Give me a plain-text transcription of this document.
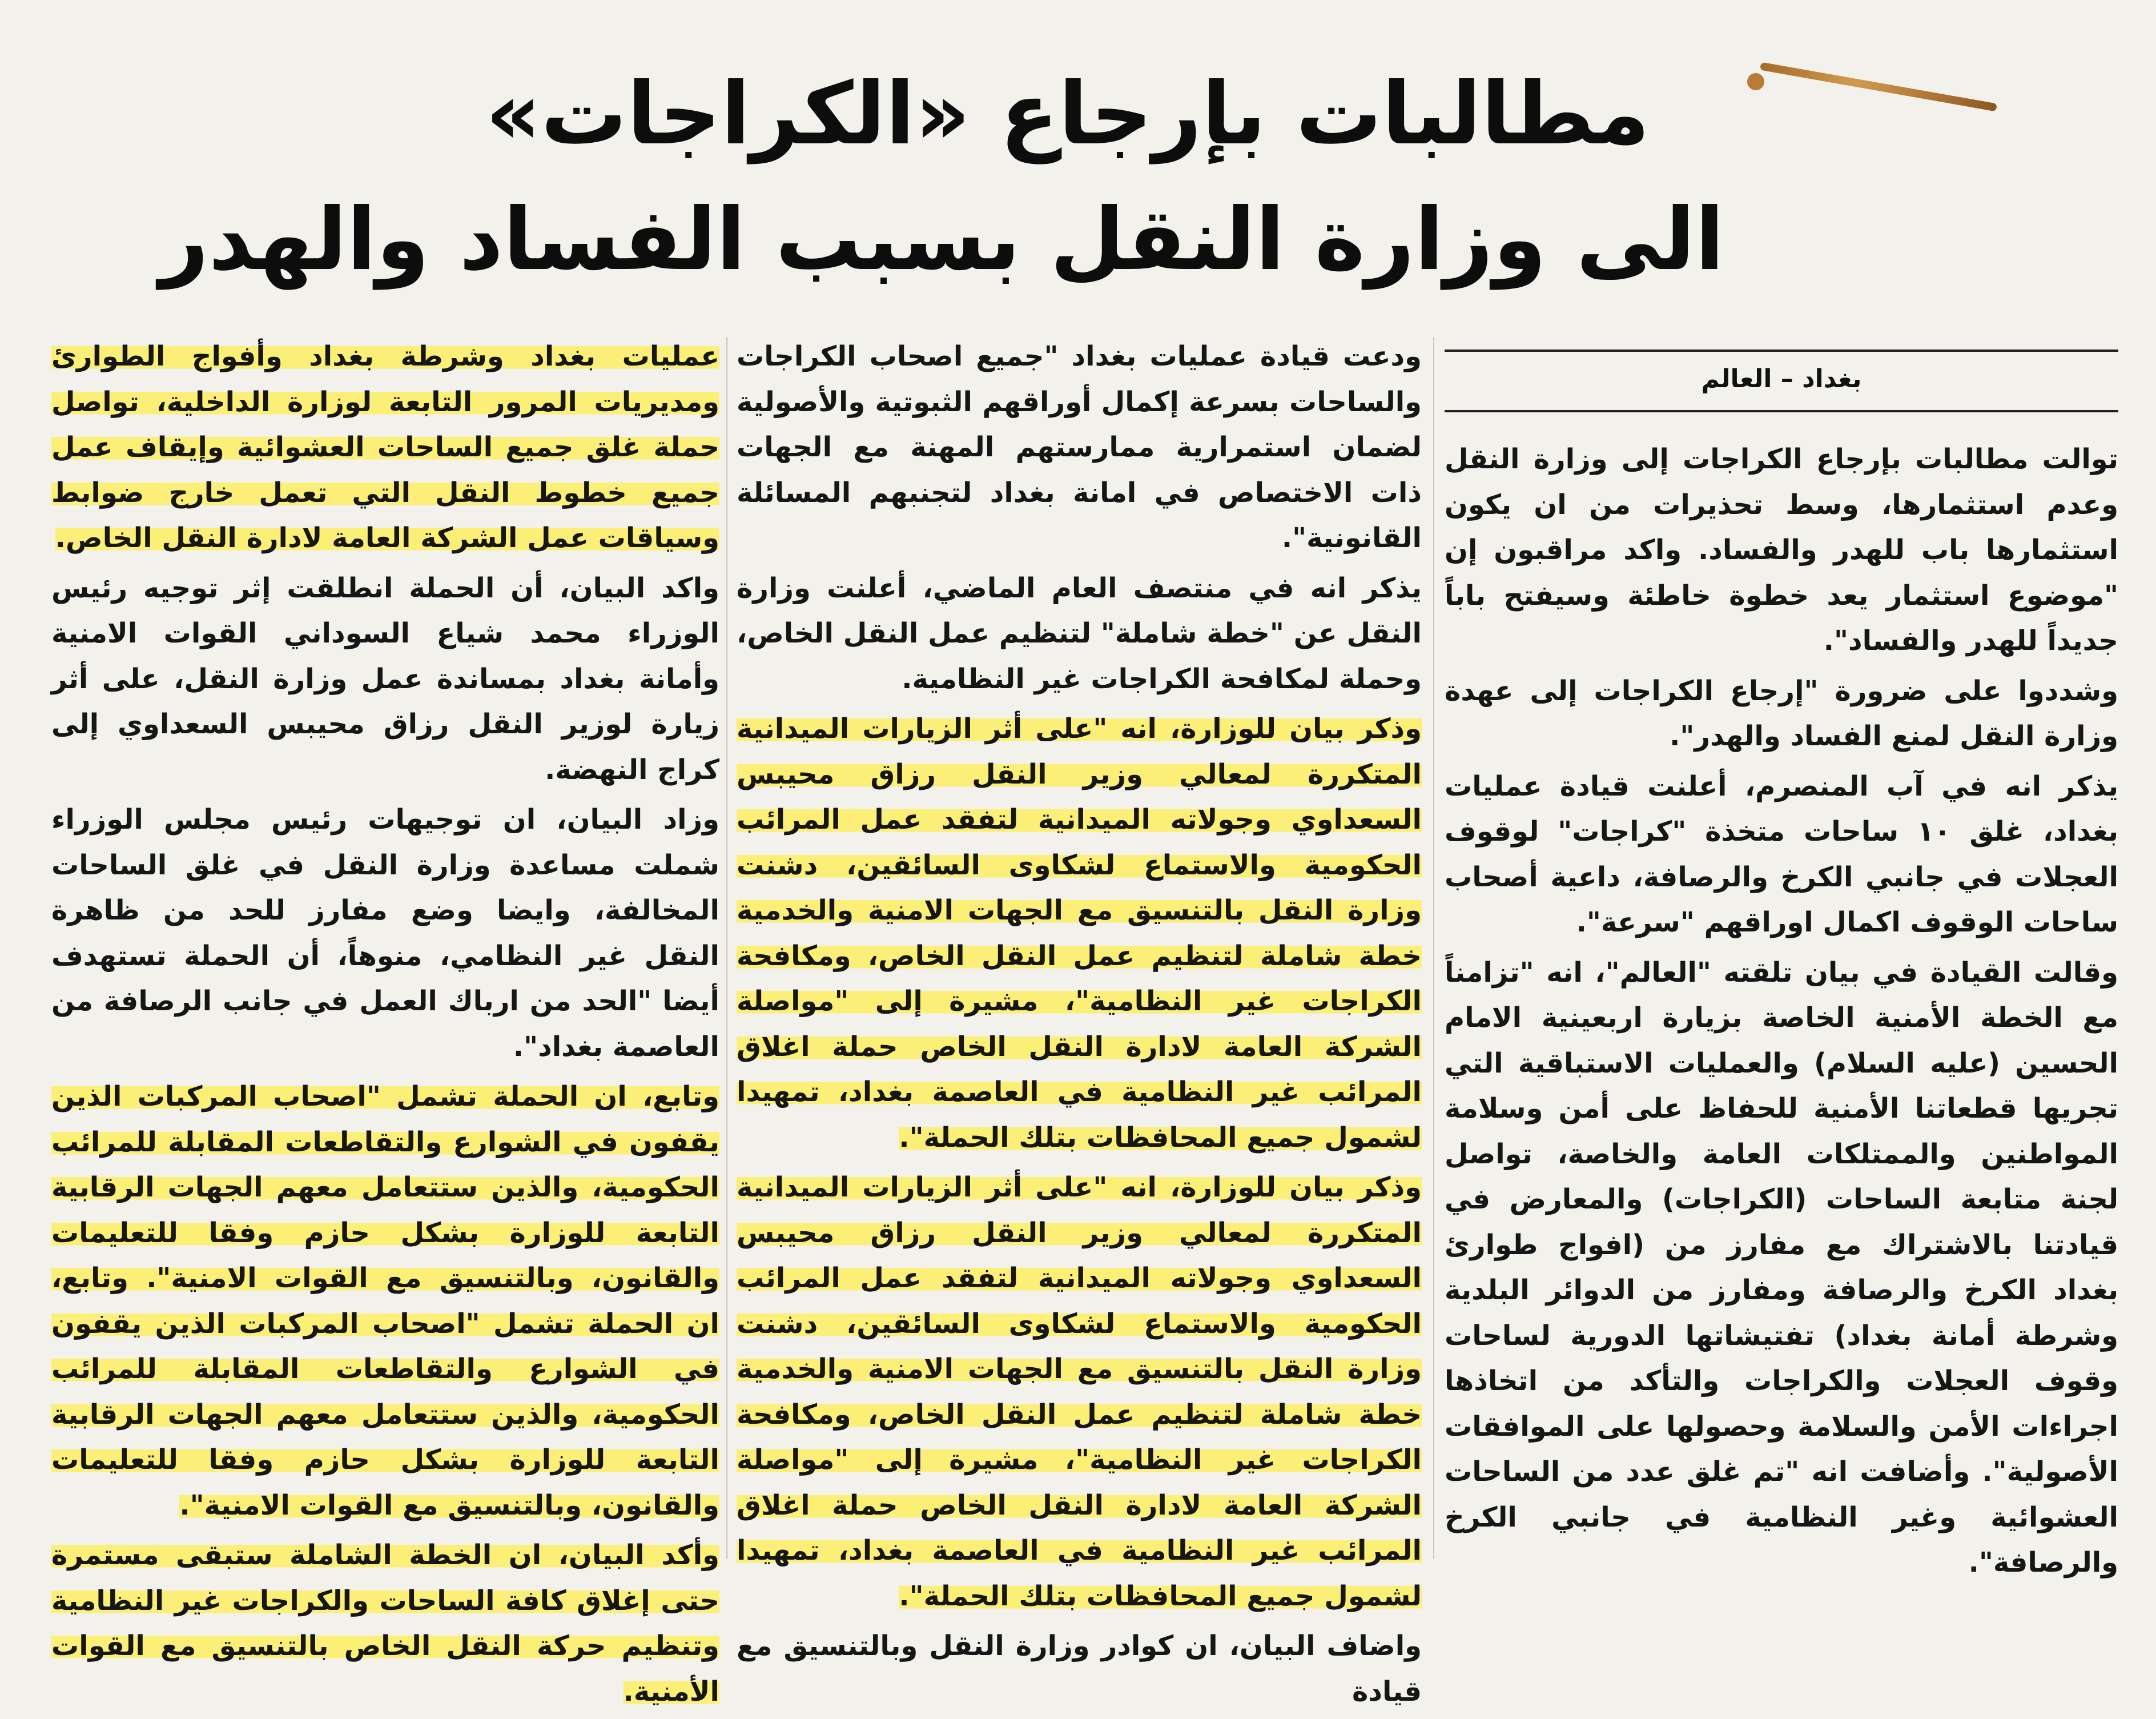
مطالبات بإرجاع «الكراجات»
الى وزارة النقل بسبب الفساد والهدر
بغداد – العالم

توالت مطالبات بإرجاع الكراجات إلى وزارة النقل وعدم استثمارها، وسط تحذيرات من ان يكون استثمارها باب للهدر والفساد. واكد مراقبون إن "موضوع استثمار يعد خطوة خاطئة وسيفتح باباً جديداً للهدر والفساد".

وشددوا على ضرورة "إرجاع الكراجات إلى عهدة وزارة النقل لمنع الفساد والهدر".

يذكر انه في آب المنصرم، أعلنت قيادة عمليات بغداد، غلق ١٠ ساحات متخذة "كراجات" لوقوف العجلات في جانبي الكرخ والرصافة، داعية أصحاب ساحات الوقوف اكمال اوراقهم "سرعة".

وقالت القيادة في بيان تلقته "العالم"، انه "تزامناً مع الخطة الأمنية الخاصة بزيارة اربعينية الامام الحسين (عليه السلام) والعمليات الاستباقية التي تجريها قطعاتنا الأمنية للحفاظ على أمن وسلامة المواطنين والممتلكات العامة والخاصة، تواصل لجنة متابعة الساحات (الكراجات) والمعارض في قيادتنا بالاشتراك مع مفارز من (افواج طوارئ بغداد الكرخ والرصافة ومفارز من الدوائر البلدية وشرطة أمانة بغداد) تفتيشاتها الدورية لساحات وقوف العجلات والكراجات والتأكد من اتخاذها اجراءات الأمن والسلامة وحصولها على الموافقات الأصولية". وأضافت انه "تم غلق عدد من الساحات العشوائية وغير النظامية في جانبي الكرخ والرصافة".

ودعت قيادة عمليات بغداد "جميع اصحاب الكراجات والساحات بسرعة إكمال أوراقهم الثبوتية والأصولية لضمان استمرارية ممارستهم المهنة مع الجهات ذات الاختصاص في امانة بغداد لتجنبهم المسائلة القانونية".

يذكر انه في منتصف العام الماضي، أعلنت وزارة النقل عن "خطة شاملة" لتنظيم عمل النقل الخاص، وحملة لمكافحة الكراجات غير النظامية.

وذكر بيان للوزارة، انه "على أثر الزيارات الميدانية المتكررة لمعالي وزير النقل رزاق محيبس السعداوي وجولاته الميدانية لتفقد عمل المرائب الحكومية والاستماع لشكاوى السائقين، دشنت وزارة النقل بالتنسيق مع الجهات الامنية والخدمية خطة شاملة لتنظيم عمل النقل الخاص، ومكافحة الكراجات غير النظامية"، مشيرة إلى "مواصلة الشركة العامة لادارة النقل الخاص حملة اغلاق المرائب غير النظامية في العاصمة بغداد، تمهيدا لشمول جميع المحافظات بتلك الحملة".

وذكر بيان للوزارة، انه "على أثر الزيارات الميدانية المتكررة لمعالي وزير النقل رزاق محيبس السعداوي وجولاته الميدانية لتفقد عمل المرائب الحكومية والاستماع لشكاوى السائقين، دشنت وزارة النقل بالتنسيق مع الجهات الامنية والخدمية خطة شاملة لتنظيم عمل النقل الخاص، ومكافحة الكراجات غير النظامية"، مشيرة إلى "مواصلة الشركة العامة لادارة النقل الخاص حملة اغلاق المرائب غير النظامية في العاصمة بغداد، تمهيدا لشمول جميع المحافظات بتلك الحملة".

واضاف البيان، ان كوادر وزارة النقل وبالتنسيق مع قيادة

عمليات بغداد وشرطة بغداد وأفواج الطوارئ ومديريات المرور التابعة لوزارة الداخلية، تواصل حملة غلق جميع الساحات العشوائية وإيقاف عمل جميع خطوط النقل التي تعمل خارج ضوابط وسياقات عمل الشركة العامة لادارة النقل الخاص.

واكد البيان، أن الحملة انطلقت إثر توجيه رئيس الوزراء محمد شياع السوداني القوات الامنية وأمانة بغداد بمساندة عمل وزارة النقل، على أثر زيارة لوزير النقل رزاق محيبس السعداوي إلى كراج النهضة.

وزاد البيان، ان توجيهات رئيس مجلس الوزراء شملت مساعدة وزارة النقل في غلق الساحات المخالفة، وايضا وضع مفارز للحد من ظاهرة النقل غير النظامي، منوهاً، أن الحملة تستهدف أيضا "الحد من ارباك العمل في جانب الرصافة من العاصمة بغداد".

وتابع، ان الحملة تشمل "اصحاب المركبات الذين يقفون في الشوارع والتقاطعات المقابلة للمرائب الحكومية، والذين ستتعامل معهم الجهات الرقابية التابعة للوزارة بشكل حازم وفقا للتعليمات والقانون، وبالتنسيق مع القوات الامنية". وتابع، ان الحملة تشمل "اصحاب المركبات الذين يقفون في الشوارع والتقاطعات المقابلة للمرائب الحكومية، والذين ستتعامل معهم الجهات الرقابية التابعة للوزارة بشكل حازم وفقا للتعليمات والقانون، وبالتنسيق مع القوات الامنية".

وأكد البيان، ان الخطة الشاملة ستبقى مستمرة حتى إغلاق كافة الساحات والكراجات غير النظامية وتنظيم حركة النقل الخاص بالتنسيق مع القوات الأمنية.
